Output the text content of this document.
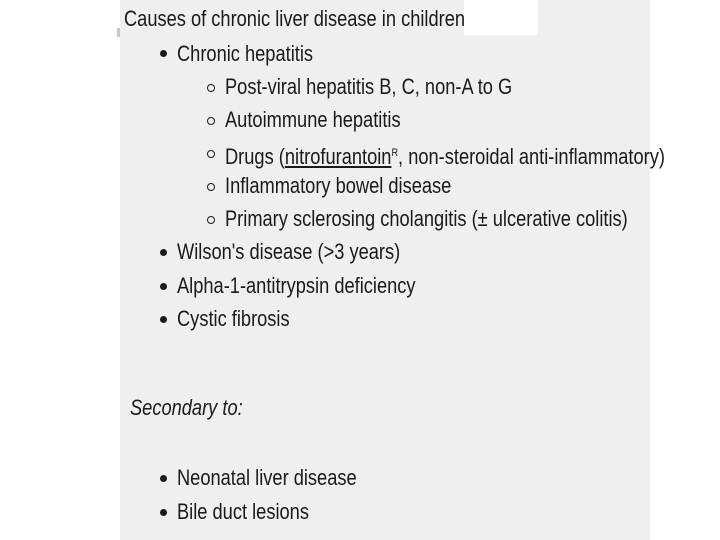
Causes of chronic liver disease in children
Chronic hepatitis
Post-viral hepatitis B, C, non-A to G
Autoimmune hepatitis
Drugs (nitrofurantoin$^R$, non-steroidal anti-inflammatory)
Inflammatory bowel disease
Primary sclerosing cholangitis (± ulcerative colitis)
Wilson's disease (>3 years)
Alpha-1-antitrypsin deficiency
Cystic fibrosis
Secondary to:
Neonatal liver disease
Bile duct lesions
